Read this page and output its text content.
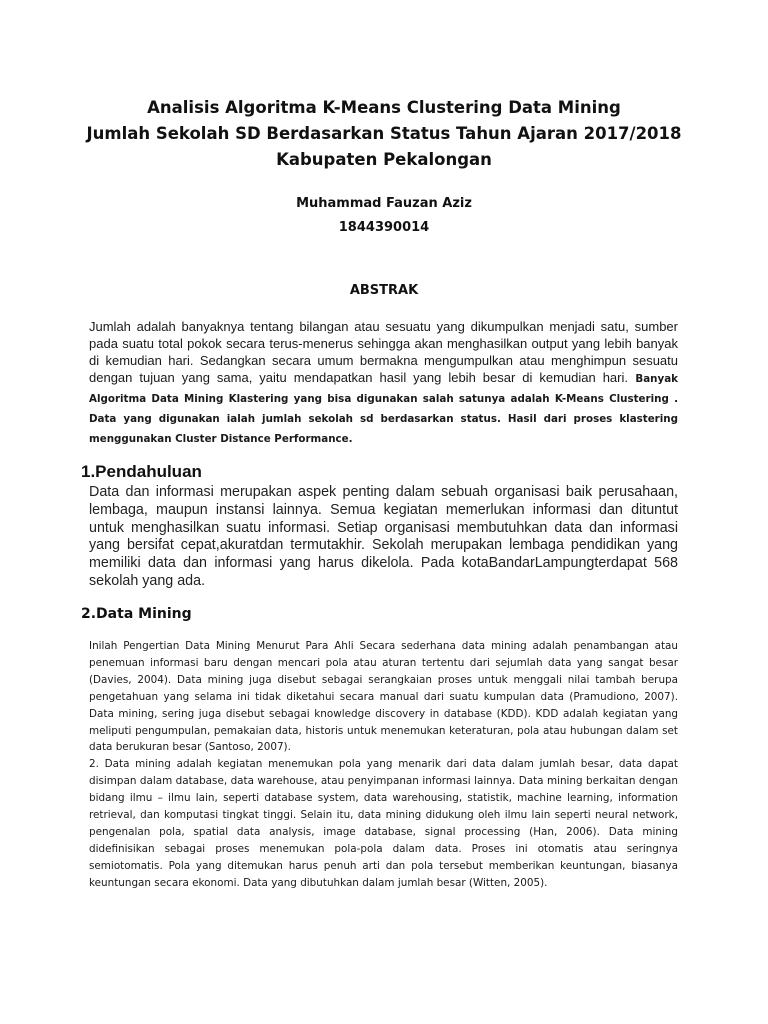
Analisis Algoritma K-Means Clustering Data Mining
Jumlah Sekolah SD Berdasarkan Status Tahun Ajaran 2017/2018
Kabupaten Pekalongan
Muhammad Fauzan Aziz
1844390014
ABSTRAK

Jumlah adalah banyaknya tentang bilangan atau sesuatu yang dikumpulkan menjadi satu, sumber pada suatu total pokok secara terus-menerus sehingga akan menghasilkan output yang lebih banyak di kemudian hari. Sedangkan secara umum bermakna mengumpulkan atau menghimpun sesuatu dengan tujuan yang sama, yaitu mendapatkan hasil yang lebih besar di kemudian hari. Banyak Algoritma Data Mining Klastering yang bisa digunakan salah satunya adalah K-Means Clustering . Data yang digunakan ialah jumlah sekolah sd berdasarkan status. Hasil dari proses klastering menggunakan Cluster Distance Performance.

1.Pendahuluan

Data dan informasi merupakan aspek penting dalam sebuah organisasi baik perusahaan, lembaga, maupun instansi lainnya. Semua kegiatan memerlukan informasi dan dituntut untuk menghasilkan suatu informasi. Setiap organisasi membutuhkan data dan informasi yang bersifat cepat,akuratdan termutakhir. Sekolah merupakan lembaga pendidikan yang memiliki data dan informasi yang harus dikelola. Pada kotaBandarLampungterdapat 568 sekolah yang ada.

2.Data Mining

Inilah Pengertian Data Mining Menurut Para Ahli Secara sederhana data mining adalah penambangan atau penemuan informasi baru dengan mencari pola atau aturan tertentu dari sejumlah data yang sangat besar (Davies, 2004). Data mining juga disebut sebagai serangkaian proses untuk menggali nilai tambah berupa pengetahuan yang selama ini tidak diketahui secara manual dari suatu kumpulan data (Pramudiono, 2007). Data mining, sering juga disebut sebagai knowledge discovery in database (KDD). KDD adalah kegiatan yang meliputi pengumpulan, pemakaian data, historis untuk menemukan keteraturan, pola atau hubungan dalam set data berukuran besar (Santoso, 2007).

2. Data mining adalah kegiatan menemukan pola yang menarik dari data dalam jumlah besar, data dapat disimpan dalam database, data warehouse, atau penyimpanan informasi lainnya. Data mining berkaitan dengan bidang ilmu – ilmu lain, seperti database system, data warehousing, statistik, machine learning, information retrieval, dan komputasi tingkat tinggi. Selain itu, data mining didukung oleh ilmu lain seperti neural network, pengenalan pola, spatial data analysis, image database, signal processing (Han, 2006). Data mining didefinisikan sebagai proses menemukan pola-pola dalam data. Proses ini otomatis atau seringnya semiotomatis. Pola yang ditemukan harus penuh arti dan pola tersebut memberikan keuntungan, biasanya keuntungan secara ekonomi. Data yang dibutuhkan dalam jumlah besar (Witten, 2005).
